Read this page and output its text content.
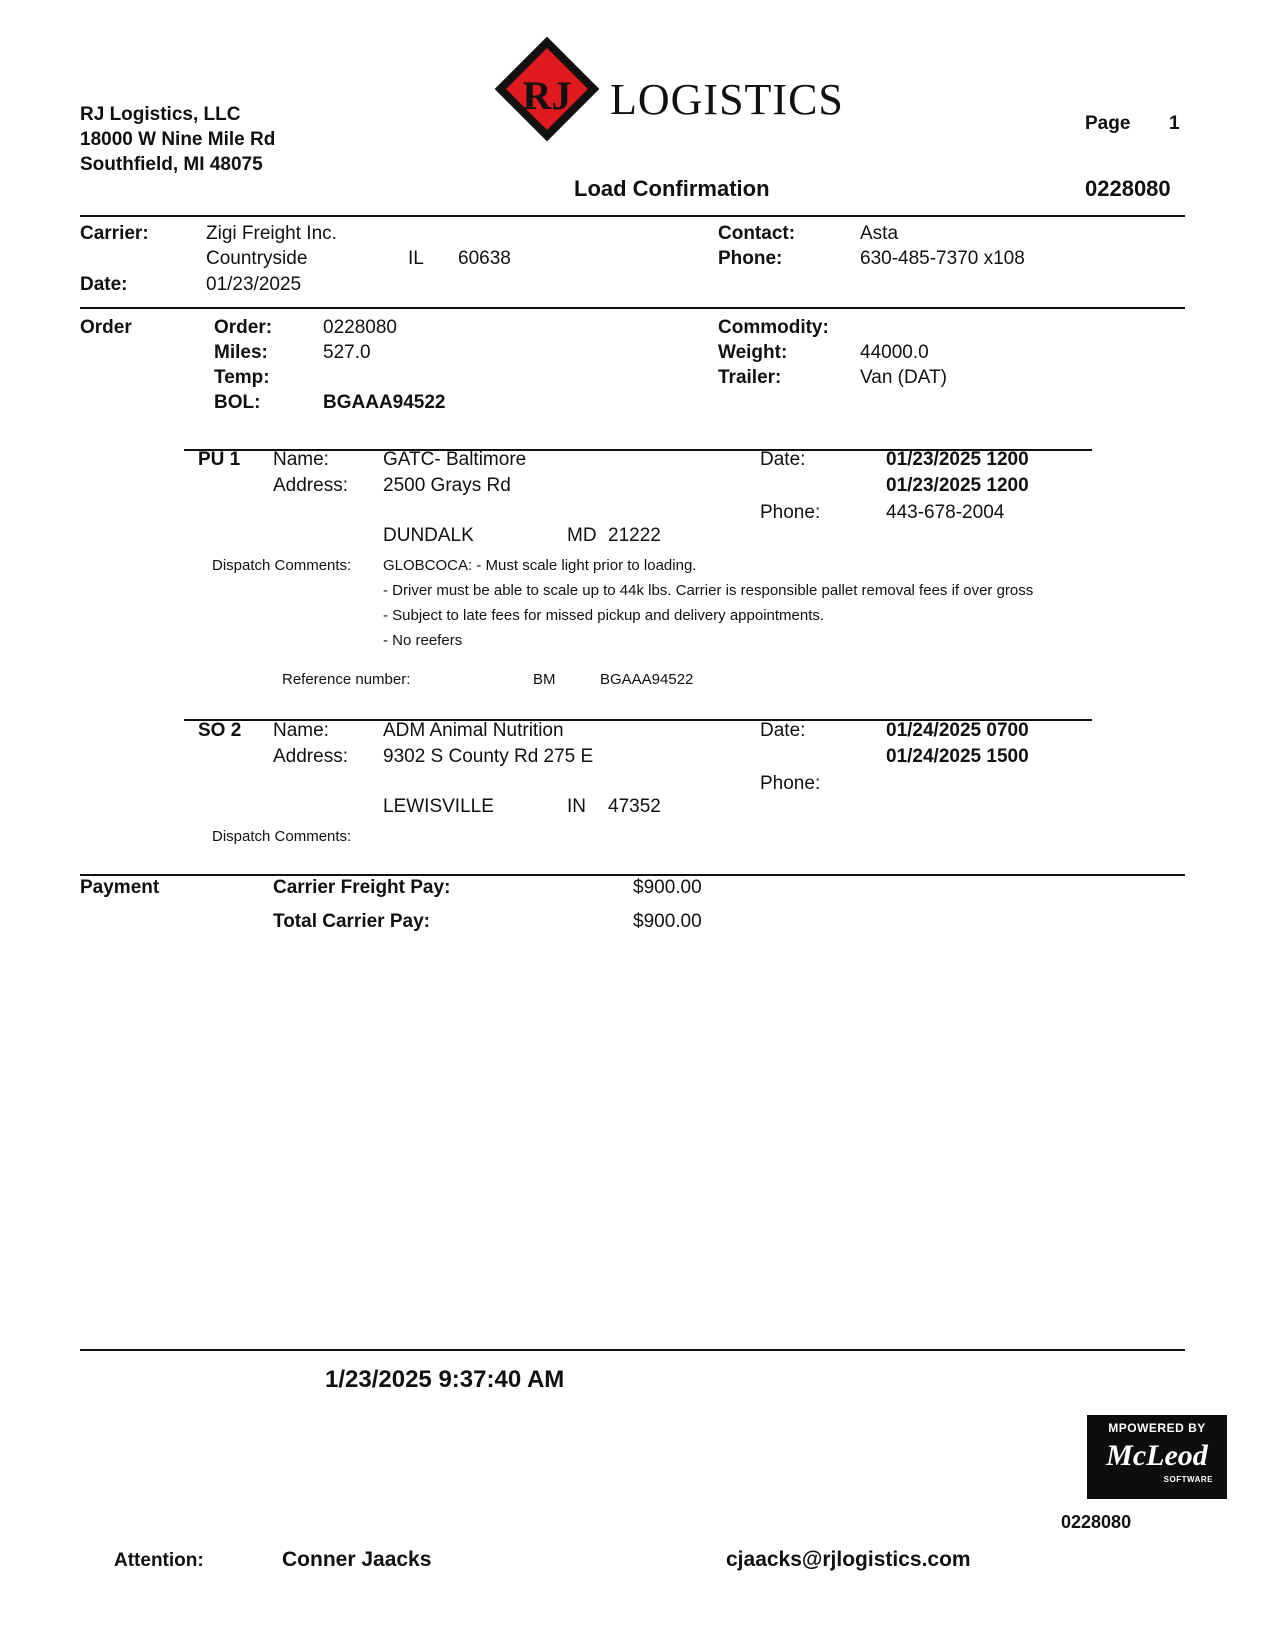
RJ Logistics, LLC
18000 W Nine Mile Rd
Southfield, MI 48075
RJ LOGISTICS	Page 1
Load Confirmation	0228080
Carrier:	Zigi Freight Inc.
Countryside	IL 60638
Date:	01/23/2025
Contact:	Asta
Phone:	630-485-7370 x108
Order	Order:	0228080
Miles:	527.0
Temp:
BOL:	BGAAA94522
Commodity:
Weight:	44000.0
Trailer:	Van (DAT)
PU 1 Name:	GATC- Baltimore
Address: 2500 Grays Rd
DUNDALK	MD 21222
Date:	01/23/2025 1200
01/23/2025 1200
Phone:	443-678-2004
Dispatch Comments: GLOBCOCA: - Must scale light prior to loading.
- Driver must be able to scale up to 44k lbs. Carrier is responsible pallet removal fees if over gross
- Subject to late fees for missed pickup and delivery appointments.
- No reefers
Reference number:	BM	BGAAA94522
SO 2 Name:	ADM Animal Nutrition
Address: 9302 S County Rd 275 E
LEWISVILLE	IN 47352
Date:	01/24/2025 0700
01/24/2025 1500
Phone:
Dispatch Comments:
Payment	Carrier Freight Pay:	$900.00
Total Carrier Pay:	$900.00
1/23/2025 9:37:40 AM
MPOWERED BY
McLeod
SOFTWARE
0228080
Attention:	Conner Jaacks	cjaacks@rjlogistics.com
